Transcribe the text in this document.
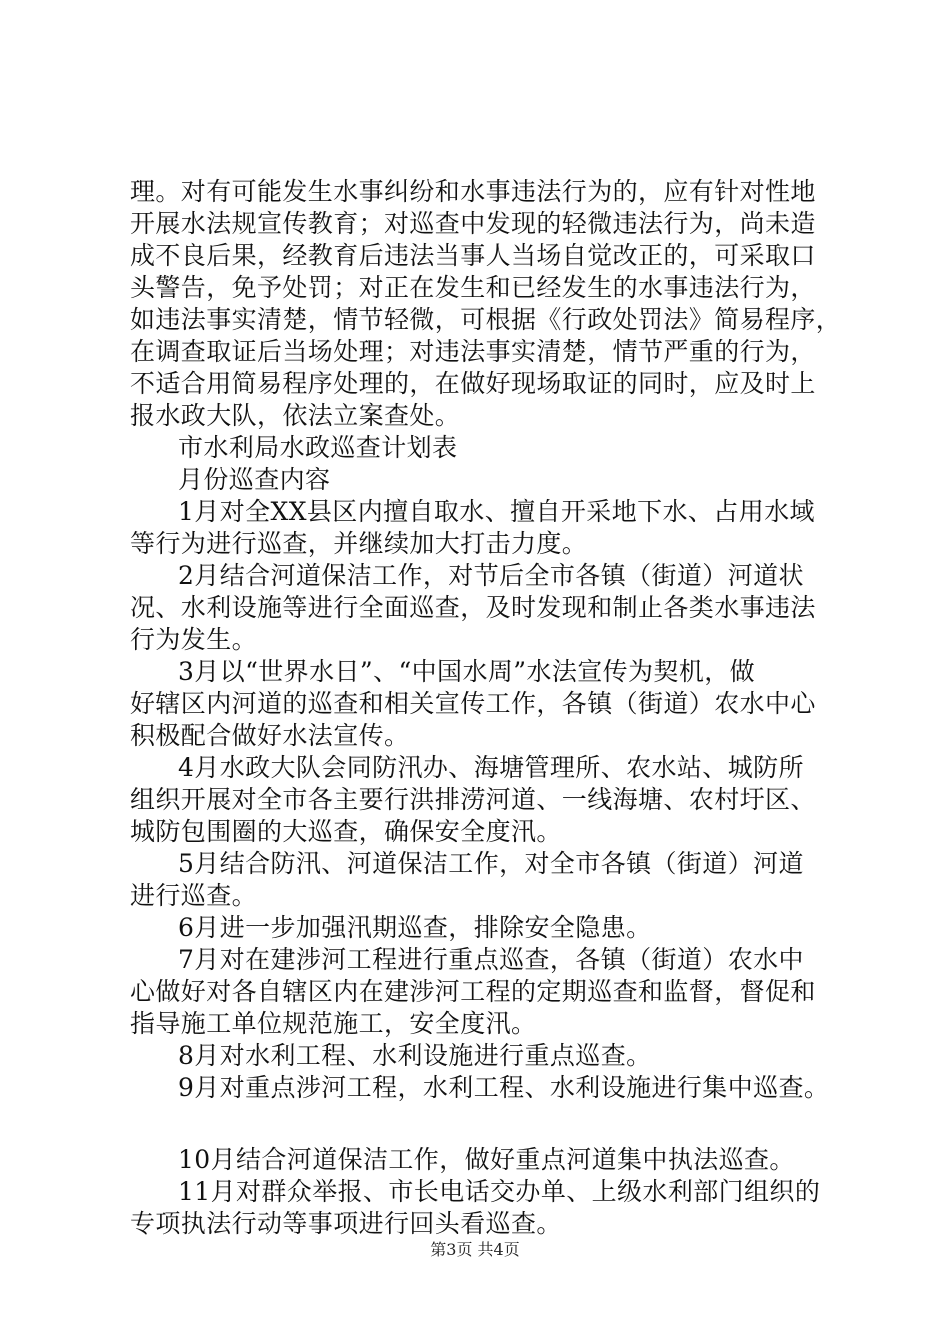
理。对有可能发生水事纠纷和水事违法行为的，应有针对性地
开展水法规宣传教育；对巡查中发现的轻微违法行为，尚未造
成不良后果，经教育后违法当事人当场自觉改正的，可采取口
头警告，免予处罚；对正在发生和已经发生的水事违法行为，
如违法事实清楚，情节轻微，可根据《行政处罚法》简易程序，
在调查取证后当场处理；对违法事实清楚，情节严重的行为，
不适合用简易程序处理的，在做好现场取证的同时，应及时上
报水政大队，依法立案查处。
市水利局水政巡查计划表
月份巡查内容
1月对全XX县区内擅自取水、擅自开采地下水、占用水域
等行为进行巡查，并继续加大打击力度。
2月结合河道保洁工作，对节后全市各镇（街道）河道状
况、水利设施等进行全面巡查，及时发现和制止各类水事违法
行为发生。
3月以“世界水日”、“中国水周”水法宣传为契机，做
好辖区内河道的巡查和相关宣传工作，各镇（街道）农水中心
积极配合做好水法宣传。
4月水政大队会同防汛办、海塘管理所、农水站、城防所
组织开展对全市各主要行洪排涝河道、一线海塘、农村圩区、
城防包围圈的大巡查，确保安全度汛。
5月结合防汛、河道保洁工作，对全市各镇（街道）河道
进行巡查。
6月进一步加强汛期巡查，排除安全隐患。
7月对在建涉河工程进行重点巡查，各镇（街道）农水中
心做好对各自辖区内在建涉河工程的定期巡查和监督，督促和
指导施工单位规范施工，安全度汛。
8月对水利工程、水利设施进行重点巡查。
9月对重点涉河工程，水利工程、水利设施进行集中巡查。
10月结合河道保洁工作，做好重点河道集中执法巡查。
11月对群众举报、市长电话交办单、上级水利部门组织的
专项执法行动等事项进行回头看巡查。
第3页 共4页
